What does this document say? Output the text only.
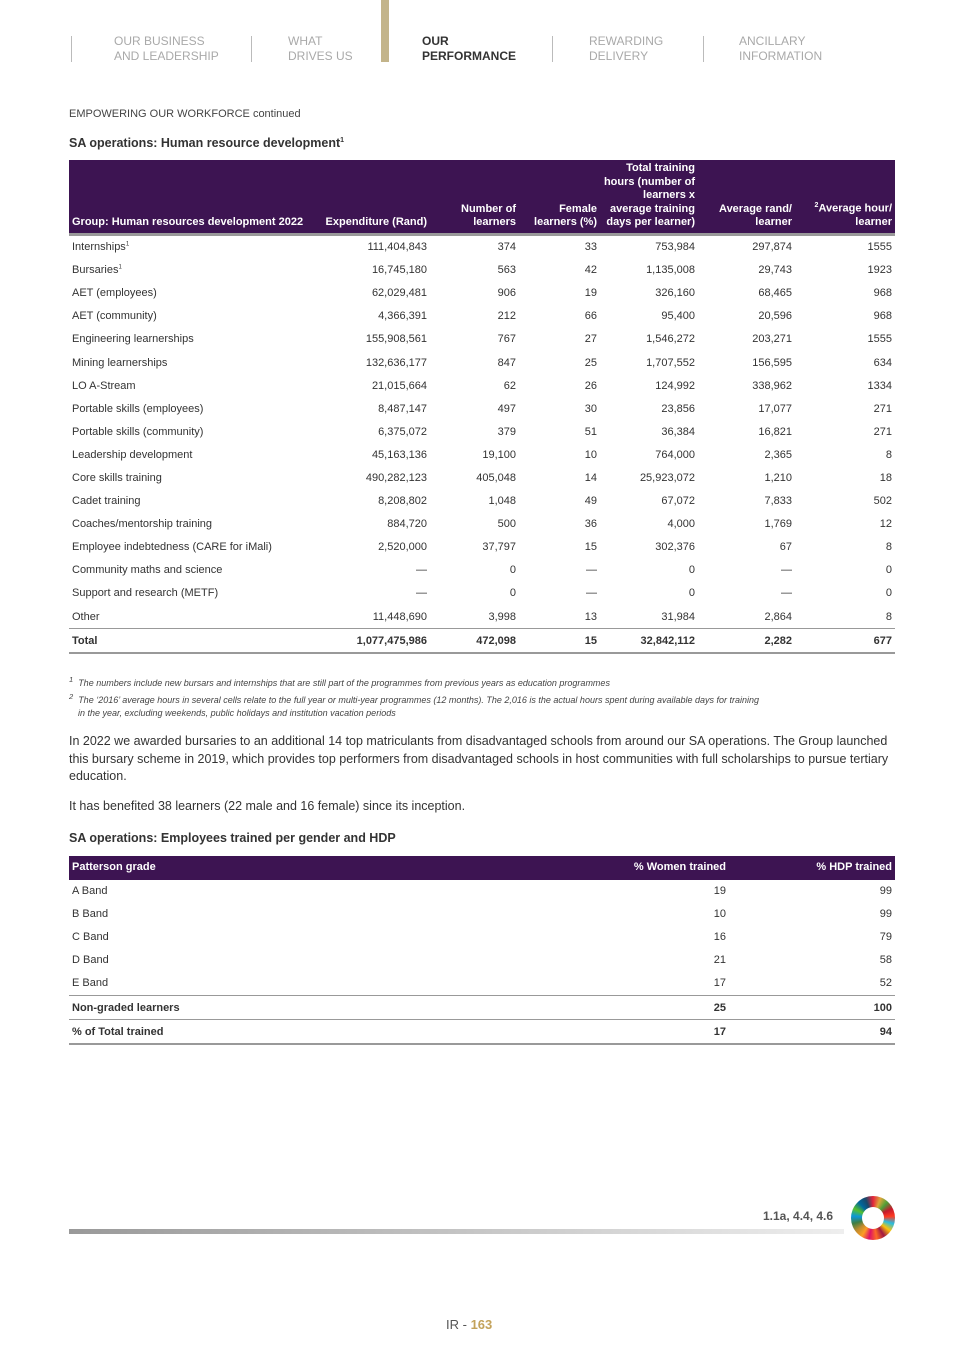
OUR BUSINESS
AND LEADERSHIP
WHAT
DRIVES US
OUR
PERFORMANCE
REWARDING
DELIVERY
ANCILLARY
INFORMATION
EMPOWERING OUR WORKFORCE continued
SA operations: Human resource development$^1$
Group: Human resources development 2022	Expenditure (Rand)	Number of learners	Female learners (%)	Total training hours (number of learners x average training days per learner)	Average rand/ learner	$^2$Average hour/ learner
Internships$^1$	111,404,843	374	33	753,984	297,874	1555
Bursaries$^1$	16,745,180	563	42	1,135,008	29,743	1923
AET (employees)	62,029,481	906	19	326,160	68,465	968
AET (community)	4,366,391	212	66	95,400	20,596	968
Engineering learnerships	155,908,561	767	27	1,546,272	203,271	1555
Mining learnerships	132,636,177	847	25	1,707,552	156,595	634
LO A-Stream	21,015,664	62	26	124,992	338,962	1334
Portable skills (employees)	8,487,147	497	30	23,856	17,077	271
Portable skills (community)	6,375,072	379	51	36,384	16,821	271
Leadership development	45,163,136	19,100	10	764,000	2,365	8
Core skills training	490,282,123	405,048	14	25,923,072	1,210	18
Cadet training	8,208,802	1,048	49	67,072	7,833	502
Coaches/mentorship training	884,720	500	36	4,000	1,769	12
Employee indebtedness (CARE for iMali)	2,520,000	37,797	15	302,376	67	8
Community maths and science	—	0	—	0	—	0
Support and research (METF)	—	0	—	0	—	0
Other	11,448,690	3,998	13	31,984	2,864	8
Total	1,077,475,986	472,098	15	32,842,112	2,282	677
$^1$ The numbers include new bursars and internships that are still part of the programmes from previous years as education programmes
$^2$ The ‘2016’ average hours in several cells relate to the full year or multi-year programmes (12 months). The 2,016 is the actual hours spent during available days for training
in the year, excluding weekends, public holidays and institution vacation periods
In 2022 we awarded bursaries to an additional 14 top matriculants from disadvantaged schools from around our SA operations. The Group launched this bursary scheme in 2019, which provides top performers from disadvantaged schools in host communities with full scholarships to pursue tertiary education.
It has benefited 38 learners (22 male and 16 female) since its inception.
SA operations: Employees trained per gender and HDP
Patterson grade	% Women trained	% HDP trained
A Band	19	99
B Band	10	99
C Band	16	79
D Band	21	58
E Band	17	52
Non-graded learners	25	100
% of Total trained	17	94
1.1a, 4.4, 4.6
IR - 163
